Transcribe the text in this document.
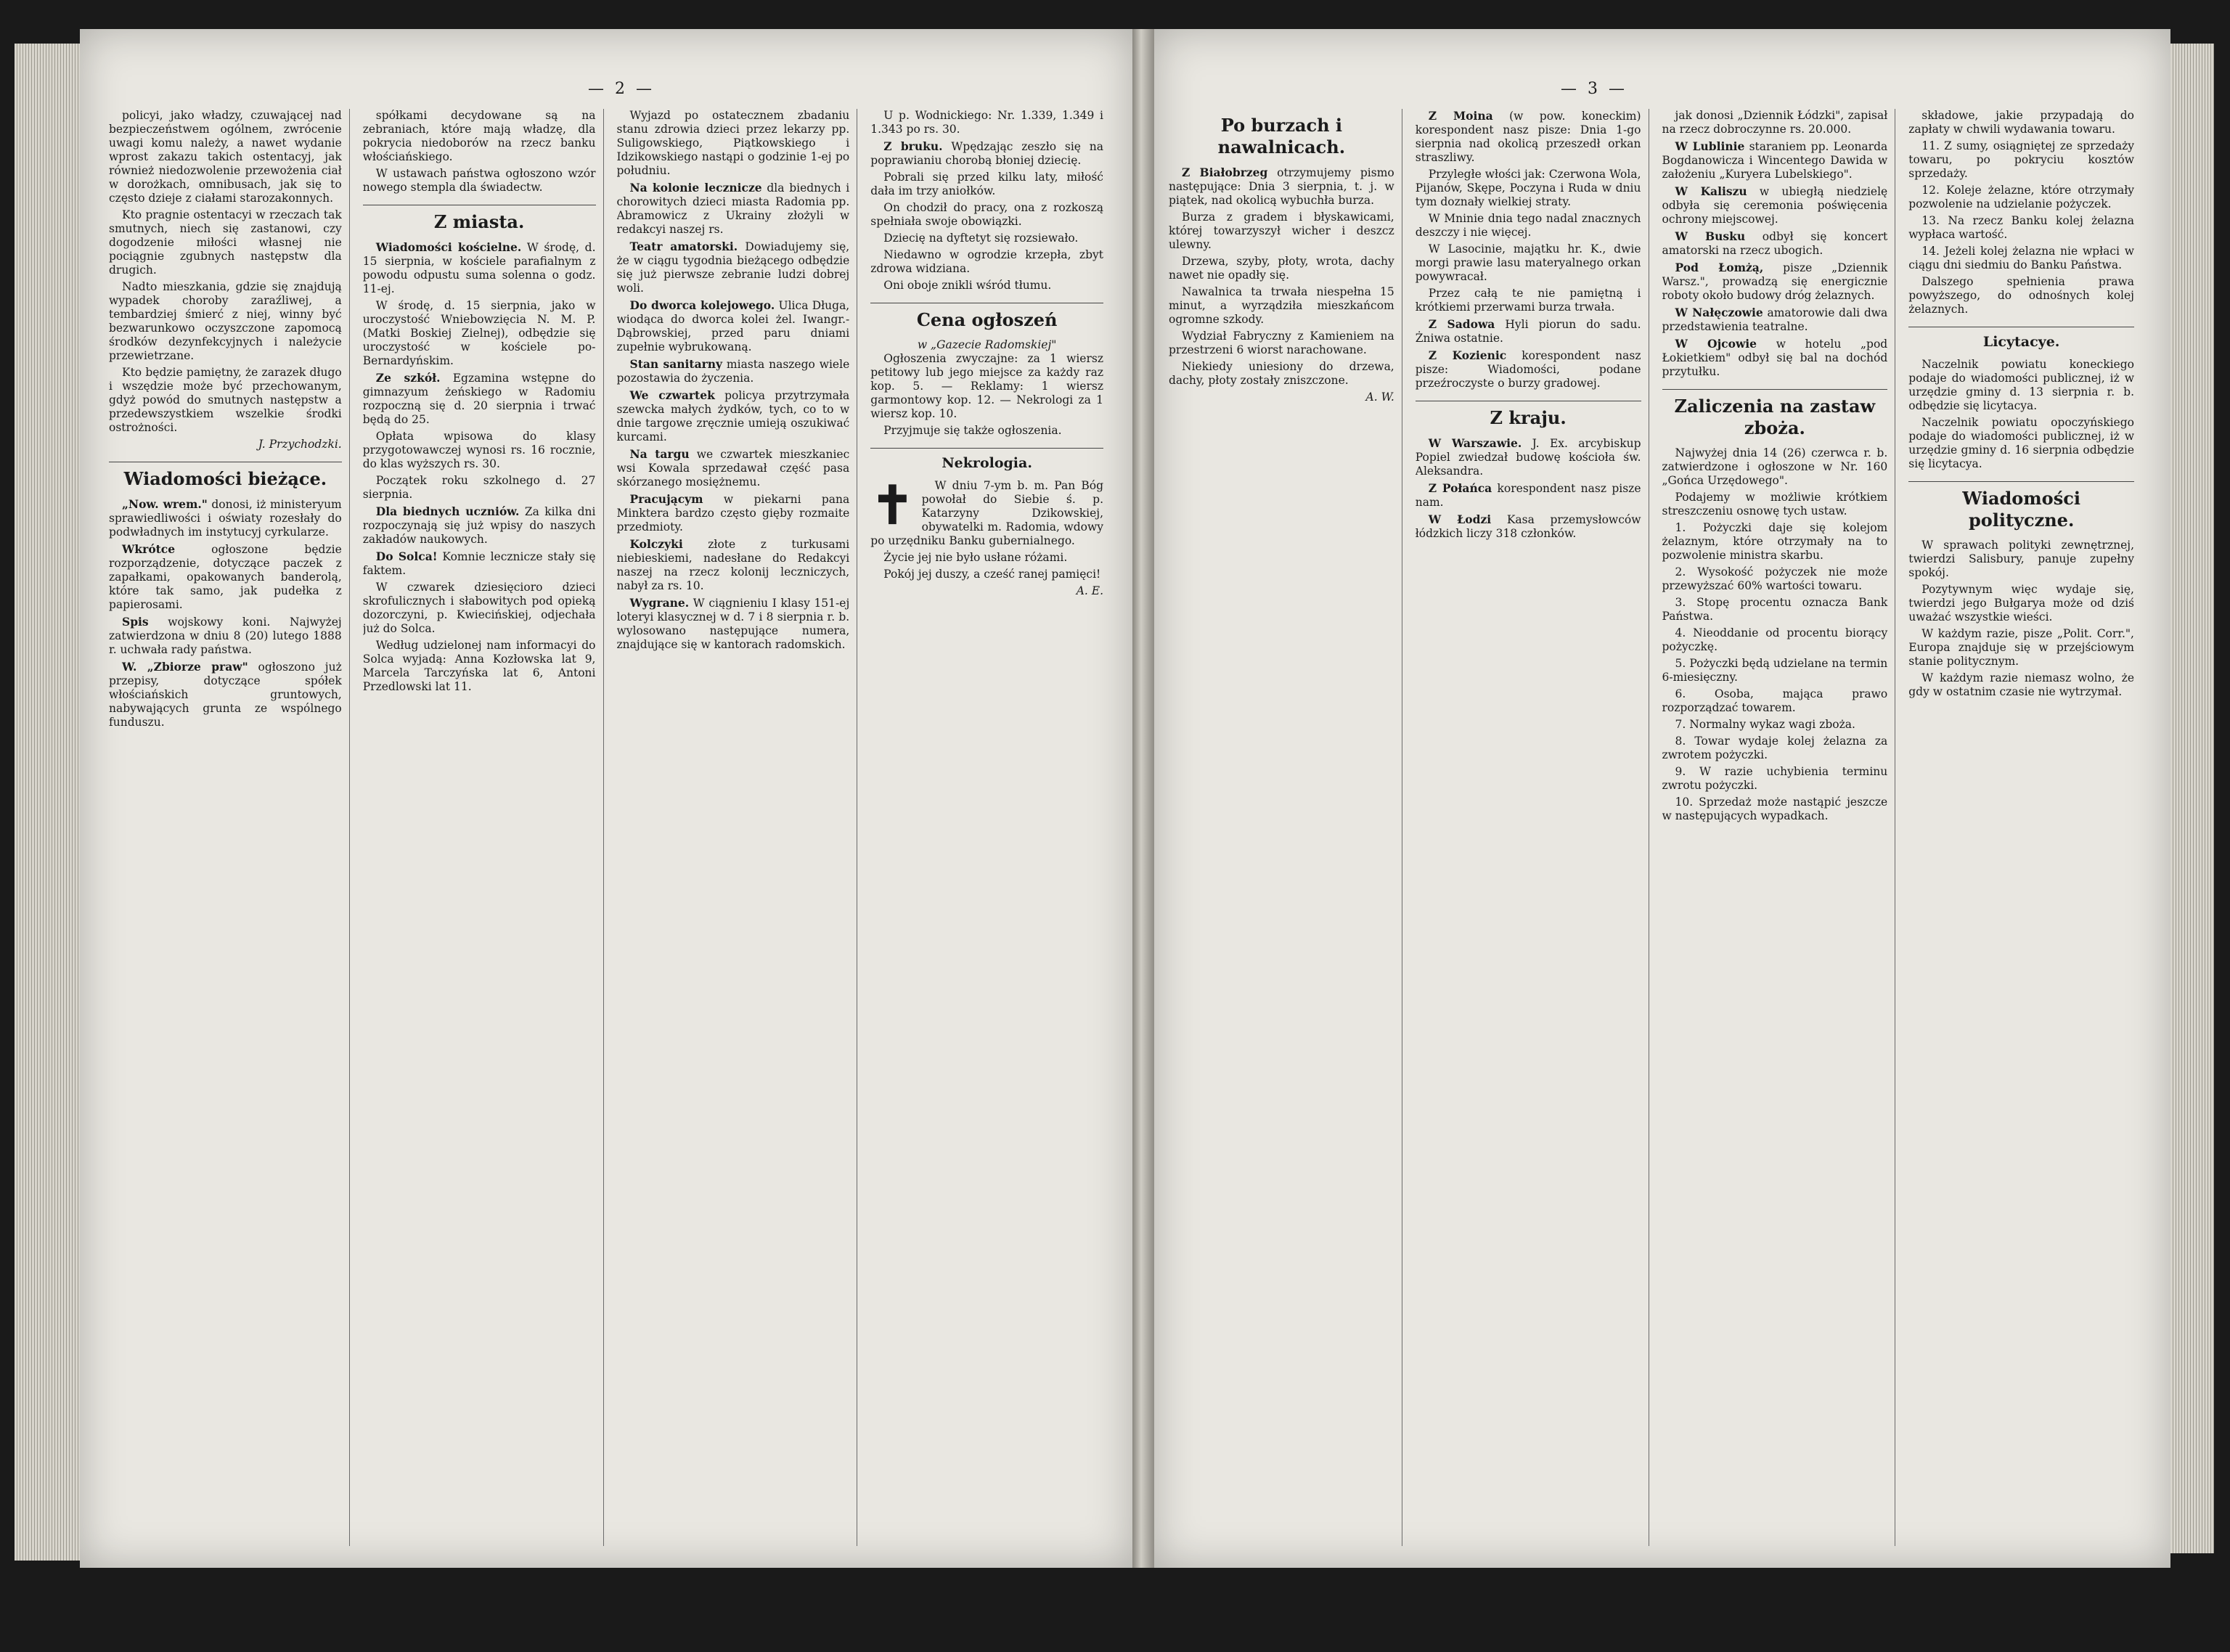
— 2 —

policyi, jako władzy, czuwającej nad bezpieczeństwem ogólnem, zwrócenie uwagi komu należy, a nawet wydanie wprost zakazu takich ostentacyj, jak również niedozwolenie przewożenia ciał w dorożkach, omnibusach, jak się to często dzieje z ciałami starozakonnych.

Kto pragnie ostentacyi w rzeczach tak smutnych, niech się zastanowi, czy dogodzenie miłości własnej nie pociągnie zgubnych następstw dla drugich.

Nadto mieszkania, gdzie się znajdują wypadek choroby zaraźliwej, a tembardziej śmierć z niej, winny być bezwarunkowo oczyszczone zapomocą środków dezynfekcyjnych i należycie przewietrzane.

Kto będzie pamiętny, że zarazek długo i wszędzie może być przechowanym, gdyż powód do smutnych następstw a przedewszystkiem wszelkie środki ostrożności.

J. Przychodzki.
Wiadomości bieżące.

„Now. wrem." donosi, iż ministeryum sprawiedliwości i oświaty rozesłały do podwładnych im instytucyj cyrkularze.

Wkrótce	ogłoszone będzie rozporządzenie, dotyczące paczek z zapałkami, opakowanych banderolą, które tak samo, jak pudełka z papierosami.

Spis wojskowy koni. Najwyżej zatwierdzona w dniu 8 (20) lutego 1888 r. uchwała rady państwa.

W. „Zbiorze praw" ogłoszono już przepisy, dotyczące spółek włościańskich gruntowych, nabywających grunta ze wspólnego funduszu.

spółkami decydowane są na zebraniach, które mają władzę, dla pokrycia niedoborów na rzecz banku włościańskiego.

W ustawach państwa ogłoszono wzór nowego stempla dla świadectw.

Z miasta.

Wiadomości kościelne. W środę, d. 15 sierpnia, w kościele parafialnym z powodu odpustu suma solenna o godz. 11-ej.

W środę, d. 15 sierpnia, jako w uroczystość Wniebowzięcia N. M. P. (Matki Boskiej Zielnej), odbędzie się uroczystość w kościele po-Bernardyńskim.

Ze szkół. Egzamina wstępne do gimnazyum żeńskiego w Radomiu rozpoczną się d. 20 sierpnia i trwać będą do 25.

Opłata wpisowa do klasy przygotowawczej wynosi rs. 16 rocznie, do klas wyższych rs. 30.

Początek roku szkolnego d. 27 sierpnia.

Dla biednych uczniów. Za kilka dni rozpoczynają się już wpisy do naszych zakładów naukowych.

Do Solca! Komnie lecznicze stały się faktem.

W czwarek dziesięcioro dzieci skrofulicznych i słabowitych pod opieką dozorczyni, p. Kwiecińskiej, odjechała już do Solca.

Według udzielonej nam informacyi do Solca wyjadą: Anna Kozłowska lat 9, Marcela Tarczyńska lat 6, Antoni Przedlowski lat 11.

Wyjazd po ostatecznem zbadaniu stanu zdrowia dzieci przez lekarzy pp. Suligowskiego, Piątkowskiego i Idzikowskiego nastąpi o godzinie 1-ej po południu.

Na kolonie lecznicze dla biednych i chorowitych dzieci miasta Radomia pp. Abramowicz z Ukrainy złożyli w redakcyi naszej rs.

Teatr amatorski. Dowiadujemy się, że w ciągu tygodnia bieżącego odbędzie się już pierwsze zebranie ludzi dobrej woli.

Do dworca kolejowego. Ulica Długa, wiodąca do dworca kolei żel. Iwangr.-Dąbrowskiej, przed paru dniami zupełnie wybrukowaną.

Stan sanitarny miasta naszego wiele pozostawia do życzenia.

We czwartek policya przytrzymała szewcka małych żydków, tych, co to w dnie targowe zręcznie umieją oszukiwać kurcami.

Na targu we czwartek mieszkaniec wsi Kowala sprzedawał część pasa skórzanego mosiężnemu.

Pracującym w piekarni pana Minktera bardzo często gięby rozmaite przedmioty.

Kolczyki złote z turkusami niebieskiemi, nadesłane do Redakcyi naszej na rzecz kolonij leczniczych, nabył za rs. 10.

Wygrane. W ciągnieniu I klasy 151-ej loteryi klasycznej w d. 7 i 8 sierpnia r. b. wylosowano następujące numera, znajdujące się w kantorach radomskich.

U p. Wodnickiego: Nr. 1.339, 1.349 i 1.343 po rs. 30.

Z bruku. Wpędzając zeszło się na poprawianiu chorobą błoniej dziecię.

Pobrali się przed kilku laty, miłość dała im trzy aniołków.

On chodził do pracy, ona z rozkoszą spełniała swoje obowiązki.

Dziecię na dyftetyt się rozsiewało.

Niedawno w ogrodzie krzepła, zbyt zdrowa widziana.

Oni oboje znikli wśród tłumu.

Cena ogłoszeń
w „Gazecie Radomskiej"

Ogłoszenia zwyczajne: za 1 wiersz petitowy lub jego miejsce za każdy raz kop. 5. — Reklamy: 1 wiersz garmontowy kop. 12. — Nekrologi za 1 wiersz kop. 10.

Przyjmuje się także ogłoszenia.

Nekrologia.
✝	W dniu 7-ym b. m. Pan Bóg powołał do Siebie ś. p. Katarzyny Dzikowskiej, obywatelki m. Radomia, wdowy po urzędniku Banku gubernialnego.

Życie jej nie było usłane różami.

Pokój jej duszy, a cześć ranej pamięci!

A. E.
— 3 —
Po burzach i nawalnicach.

Z Białobrzeg otrzymujemy pismo następujące: Dnia 3 sierpnia, t. j. w piątek, nad okolicą wybuchła burza.

Burza z gradem i błyskawicami, której towarzyszył wicher i deszcz ulewny.

Drzewa, szyby, płoty, wrota, dachy nawet nie opadły się.

Nawalnica ta trwała niespełna 15 minut, a wyrządziła mieszkańcom ogromne szkody.

Wydział Fabryczny z Kamieniem na przestrzeni 6 wiorst narachowane.

Niekiedy uniesiony do drzewa, dachy, płoty zostały zniszczone.

A. W.

Z Moina (w pow. koneckim) korespondent nasz pisze: Dnia 1-go sierpnia nad okolicą przeszedł orkan straszliwy.

Przyległe włości jak: Czerwona Wola, Pijanów, Skępe, Poczyna i Ruda w dniu tym doznały wielkiej straty.

W Mninie dnia tego nadal znacznych deszczy i nie więcej.

W Lasocinie, majątku hr. K., dwie morgi prawie lasu materyalnego orkan powywracał.

Przez całą te nie pamiętną i krótkiemi przerwami burza trwała.

Z Sadowa Hyli piorun do sadu. Żniwa ostatnie.

Z Kozienic korespondent nasz pisze: Wiadomości, podane przeźroczyste o burzy gradowej.

Z kraju.

W Warszawie. J. Ex. arcybiskup Popiel zwiedzał budowę kościoła św. Aleksandra.

Z Połańca korespondent nasz pisze nam.

W Łodzi Kasa przemysłowców łódzkich liczy 318 członków.

jak donosi „Dziennik Łódzki", zapisał na rzecz dobroczynne rs. 20.000.

W Lublinie staraniem pp. Leonarda Bogdanowicza i Wincentego Dawida w założeniu „Kuryera Lubelskiego".

W Kaliszu w ubiegłą niedzielę odbyła się ceremonia poświęcenia ochrony miejscowej.

W Busku odbył się koncert amatorski na rzecz ubogich.

Pod Łomżą, pisze „Dziennik Warsz.", prowadzą się energicznie roboty około budowy dróg żelaznych.

W Nałęczowie amatorowie dali dwa przedstawienia teatralne.

W Ojcowie w hotelu „pod Łokietkiem" odbył się bal na dochód przytułku.

Zaliczenia na zastaw zboża.

Najwyżej dnia 14 (26) czerwca r. b. zatwierdzone i ogłoszone w Nr. 160 „Gońca Urzędowego".

Podajemy w możliwie krótkiem streszczeniu osnowę tych ustaw.

1. Pożyczki daje się kolejom żelaznym, które otrzymały na to pozwolenie ministra skarbu.

2. Wysokość pożyczek nie może przewyższać 60% wartości towaru.

3. Stopę procentu oznacza Bank Państwa.

4. Nieoddanie od procentu biorący pożyczkę.

5. Pożyczki będą udzielane na termin 6-miesięczny.

6. Osoba, mająca prawo rozporządzać towarem.

7. Normalny wykaz wagi zboża.

8. Towar wydaje kolej żelazna za zwrotem pożyczki.

9. W razie uchybienia terminu zwrotu pożyczki.

10. Sprzedaż może nastąpić jeszcze w następujących wypadkach.

składowe, jakie przypadają do zapłaty w chwili wydawania towaru.

11. Z sumy, osiągniętej ze sprzedaży towaru, po pokryciu kosztów sprzedaży.

12. Koleje żelazne, które otrzymały pozwolenie na udzielanie pożyczek.

13. Na rzecz Banku kolej żelazna wypłaca wartość.

14. Jeżeli kolej żelazna nie wpłaci w ciągu dni siedmiu do Banku Państwa.

Dalszego spełnienia prawa powyższego, do odnośnych kolej żelaznych.

Licytacye.

Naczelnik powiatu koneckiego podaje do wiadomości publicznej, iż w urzędzie gminy d. 13 sierpnia r. b. odbędzie się licytacya.

Naczelnik powiatu opoczyńskiego podaje do wiadomości publicznej, iż w urzędzie gminy d. 16 sierpnia odbędzie się licytacya.

Wiadomości polityczne.

W sprawach polityki zewnętrznej, twierdzi Salisbury, panuje zupełny spokój.

Pozytywnym więc wydaje się, twierdzi jego Bułgarya może od dziś uważać wszystkie wieści.

W każdym razie, pisze „Polit. Corr.", Europa znajduje się w przejściowym stanie politycznym.

W każdym razie niemasz wolno, że gdy w ostatnim czasie nie wytrzymał.
